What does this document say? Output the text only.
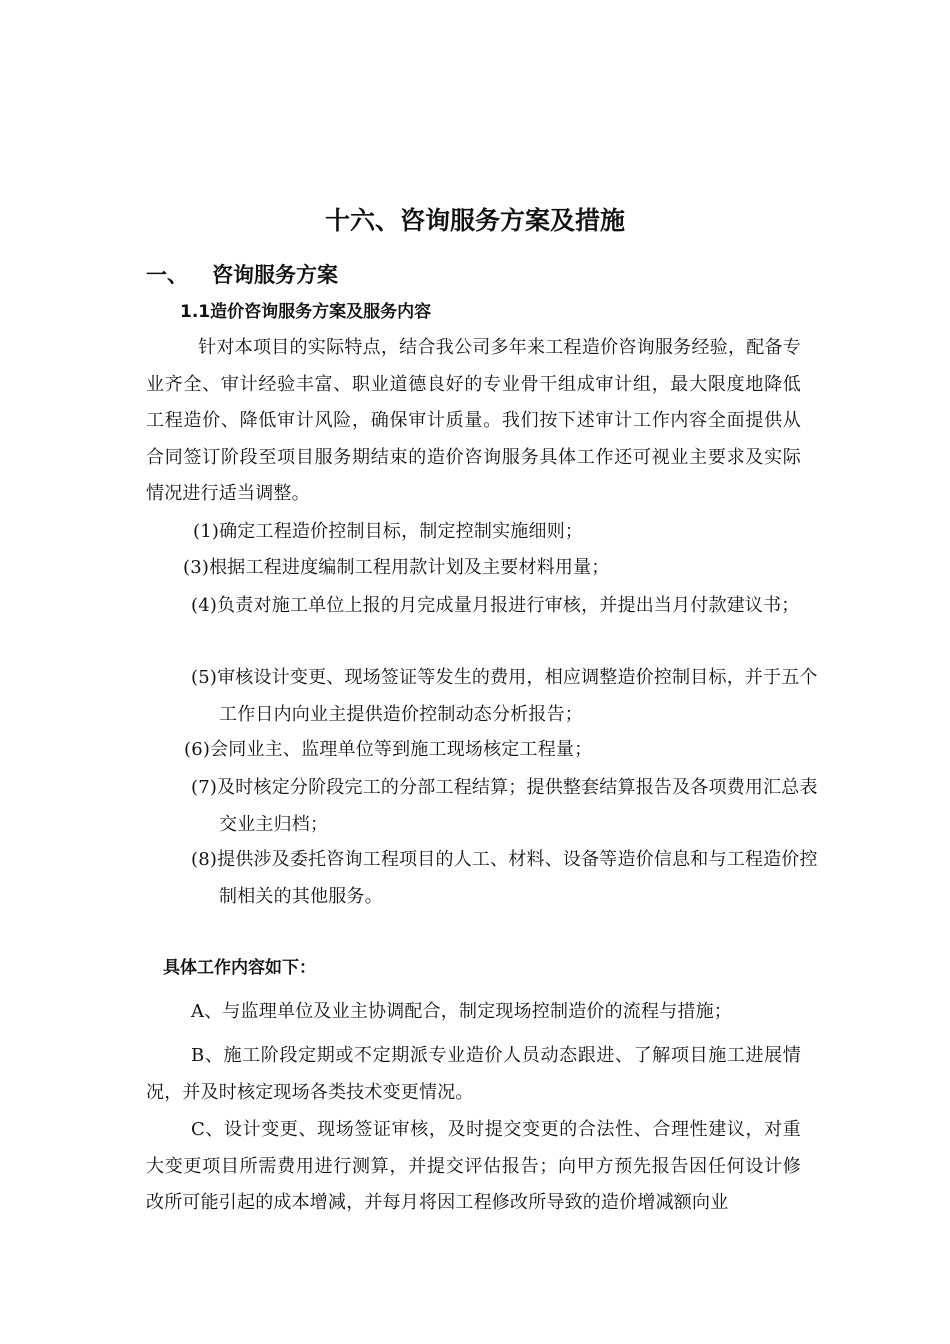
十六、咨询服务方案及措施
一、 咨询服务方案
1.1造价咨询服务方案及服务内容

针对本项目的实际特点，结合我公司多年来工程造价咨询服务经验，配备专业齐全、审计经验丰富、职业道德良好的专业骨干组成审计组，最大限度地降低工程造价、降低审计风险，确保审计质量。我们按下述审计工作内容全面提供从合同签订阶段至项目服务期结束的造价咨询服务具体工作还可视业主要求及实际情况进行适当调整。

(1)确定工程造价控制目标，制定控制实施细则；

(3)根据工程进度编制工程用款计划及主要材料用量；

(4)负责对施工单位上报的月完成量月报进行审核，并提出当月付款建议书；

(5)审核设计变更、现场签证等发生的费用，相应调整造价控制目标，并于五个工作日内向业主提供造价控制动态分析报告；

(6)会同业主、监理单位等到施工现场核定工程量；

(7)及时核定分阶段完工的分部工程结算；提供整套结算报告及各项费用汇总表交业主归档；

(8)提供涉及委托咨询工程项目的人工、材料、设备等造价信息和与工程造价控制相关的其他服务。

具体工作内容如下：

A、与监理单位及业主协调配合，制定现场控制造价的流程与措施；

B、施工阶段定期或不定期派专业造价人员动态跟进、了解项目施工进展情况，并及时核定现场各类技术变更情况。

C、设计变更、现场签证审核，及时提交变更的合法性、合理性建议，对重大变更项目所需费用进行测算，并提交评估报告；向甲方预先报告因任何设计修改所可能引起的成本增减，并每月将因工程修改所导致的造价增减额向业
